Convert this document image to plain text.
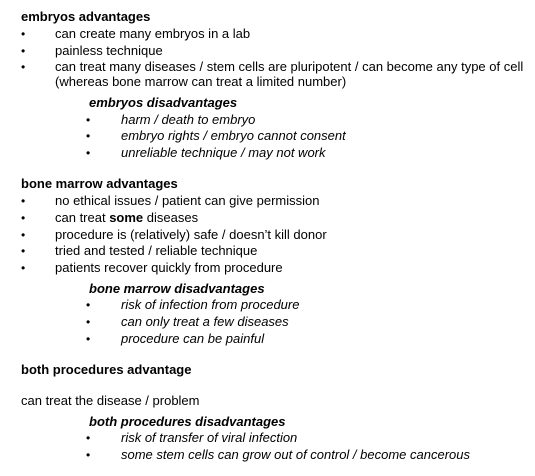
embryos advantages
• can create many embryos in a lab
• painless technique
• can treat many diseases / stem cells are pluripotent / can become any type of cell
(whereas bone marrow can treat a limited number)
embryos disadvantages
• harm / death to embryo
• embryo rights / embryo cannot consent
• unreliable technique / may not work
bone marrow advantages
• no ethical issues / patient can give permission
• can treat some diseases
• procedure is (relatively) safe / doesn’t kill donor
• tried and tested / reliable technique
• patients recover quickly from procedure
bone marrow disadvantages
• risk of infection from procedure
• can only treat a few diseases
• procedure can be painful
both procedures advantage
can treat the disease / problem
both procedures disadvantages
• risk of transfer of viral infection
• some stem cells can grow out of control / become cancerous
